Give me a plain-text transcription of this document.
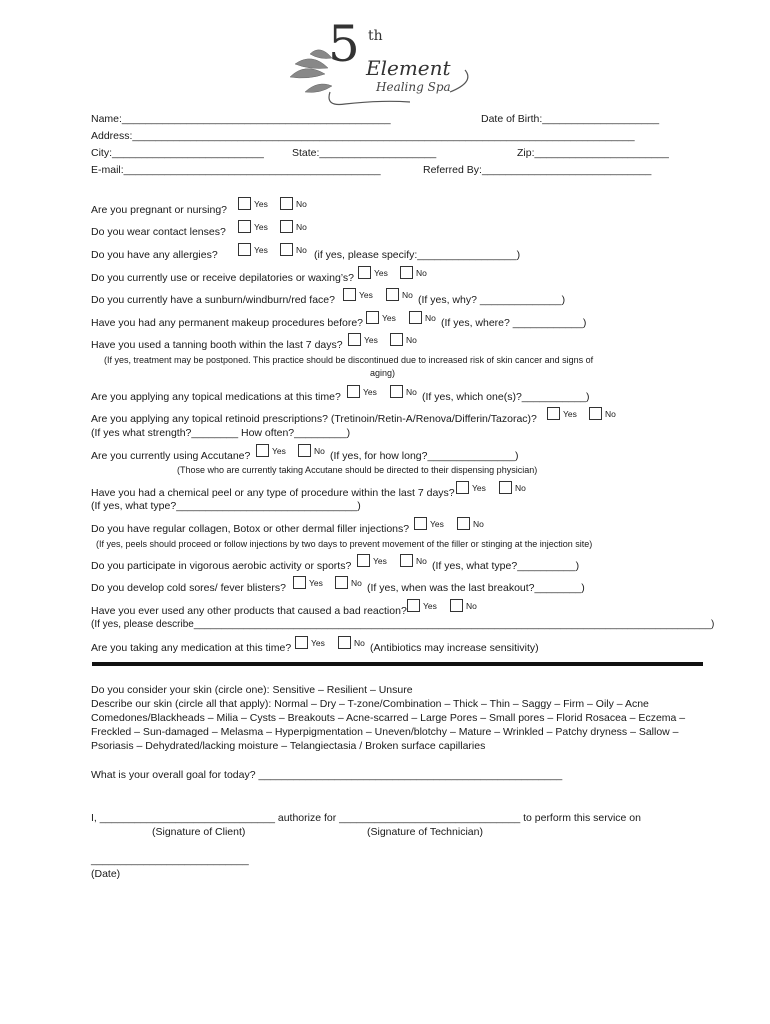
5 th
Element
Healing Spa
Name:______________________________________________	Date of Birth:____________________
Address:______________________________________________________________________________________
City:__________________________	State:____________________	Zip:_______________________
E-mail:____________________________________________	Referred By:_____________________________
Are you pregnant or nursing?	Yes	No
Do you wear contact lenses?	Yes	No
Do you have any allergies?	Yes	No (if yes, please specify:_________________)
Do you currently use or receive depilatories or waxing’s? Yes	No
Do you currently have a sunburn/windburn/red face?	Yes	No (If yes, why? ______________)
Have you had any permanent makeup procedures before? Yes	No (If yes, where? ____________)
Have you used a tanning booth within the last 7 days?	Yes	No
(If yes, treatment may be postponed. This practice should be discontinued due to increased risk of skin cancer and signs of
aging)
Are you applying any topical medications at this time?	Yes	No (If yes, which one(s)?___________)
Are you applying any topical retinoid prescriptions? (Tretinoin/Retin-A/Renova/Differin/Tazorac)?	Yes	No
(If yes what strength?________ How often?_________)
Are you currently using Accutane?	Yes	No (If yes, for how long?_______________)
(Those who are currently taking Accutane should be directed to their dispensing physician)
Have you had a chemical peel or any type of procedure within the last 7 days? Yes	No
(If yes, what type?_______________________________)
Do you have regular collagen, Botox or other dermal filler injections? Yes	No
(If yes, peels should proceed or follow injections by two days to prevent movement of the filler or stinging at the injection site)
Do you participate in vigorous aerobic activity or sports?	Yes	No (If yes, what type?__________)
Do you develop cold sores/ fever blisters?	Yes	No (If yes, when was the last breakout?________)
Have you ever used any other products that caused a bad reaction? Yes	No
(If yes, please describe_____________________________________________________________________________________________)
Are you taking any medication at this time? Yes	No (Antibiotics may increase sensitivity)
Do you consider your skin (circle one): Sensitive – Resilient – Unsure
Describe our skin (circle all that apply): Normal – Dry – T-zone/Combination – Thick – Thin – Saggy – Firm – Oily – Acne
Comedones/Blackheads – Milia – Cysts – Breakouts – Acne-scarred – Large Pores – Small pores – Florid Rosacea – Eczema –
Freckled – Sun-damaged – Melasma – Hyperpigmentation – Uneven/blotchy – Mature – Wrinkled – Patchy dryness – Sallow –
Psoriasis – Dehydrated/lacking moisture – Telangiectasia / Broken surface capillaries
What is your overall goal for today? ____________________________________________________
I, ______________________________ authorize for _______________________________ to perform this service on
(Signature of Client)	(Signature of Technician)
___________________________
(Date)
